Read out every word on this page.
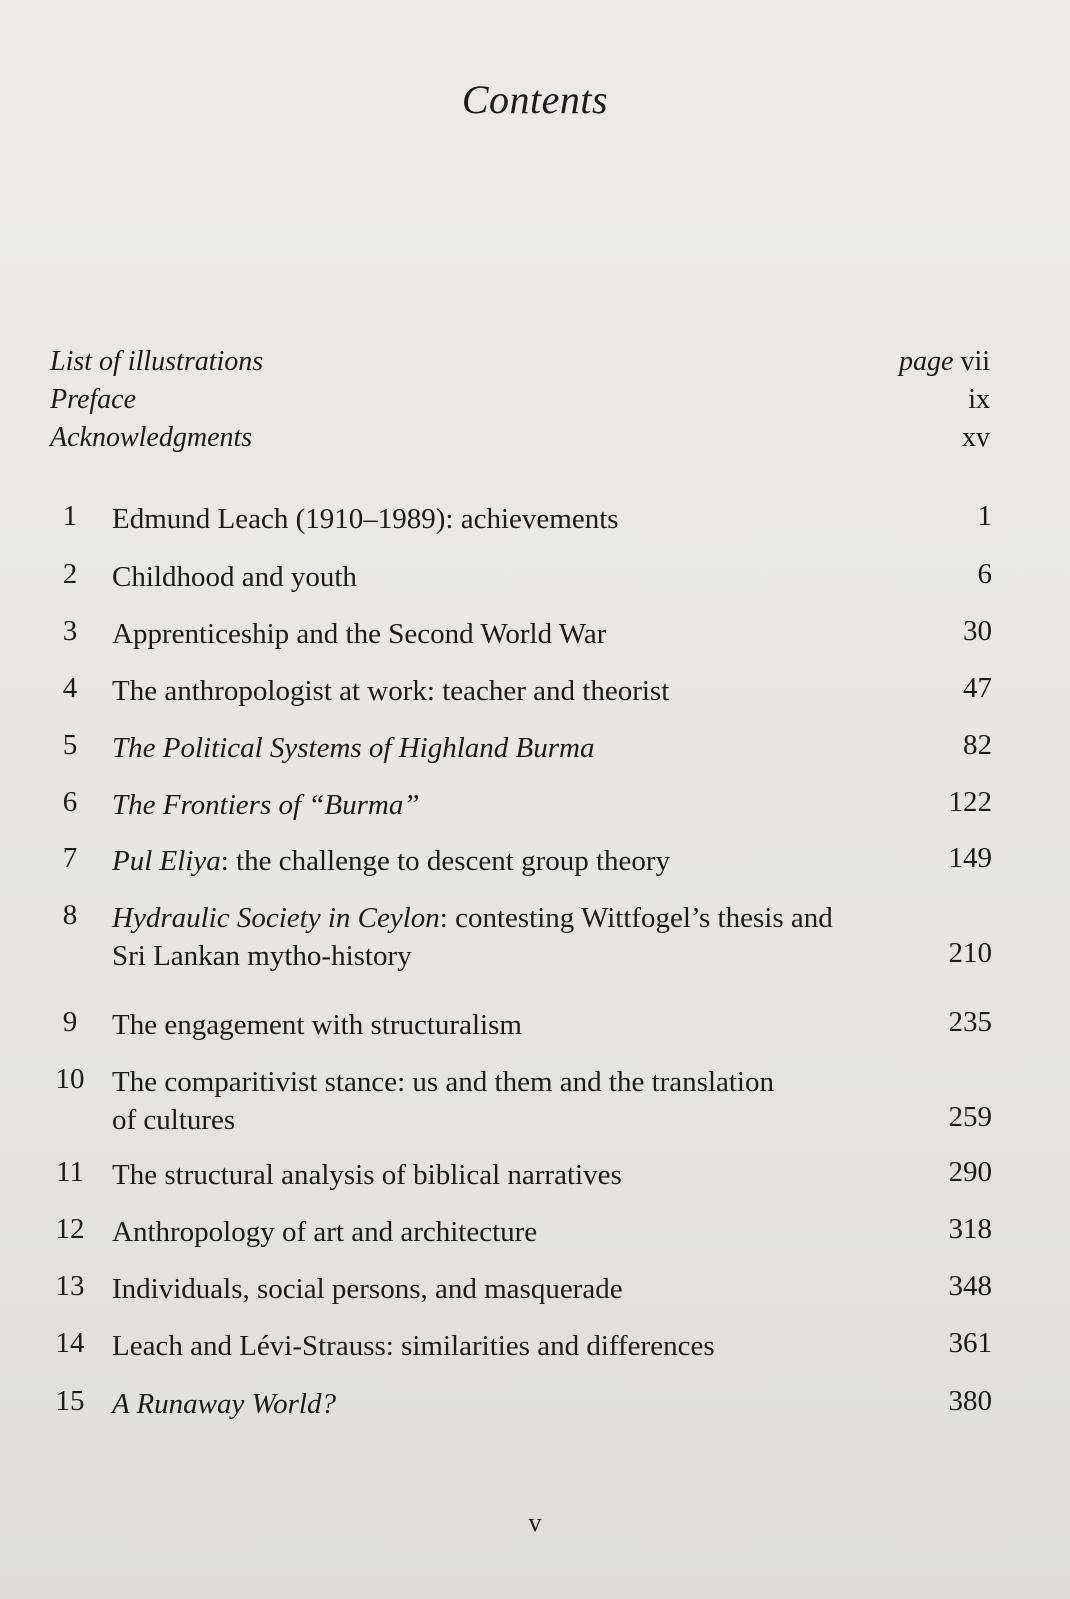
Contents
List of illustrations	page vii
Preface	ix
Acknowledgments	xv
1	Edmund Leach (1910–1989): achievements	1
2	Childhood and youth	6
3	Apprenticeship and the Second World War	30
4	The anthropologist at work: teacher and theorist	47
5	The Political Systems of Highland Burma	82
6	The Frontiers of “Burma”	122
7	Pul Eliya: the challenge to descent group theory	149
8	Hydraulic Society in Ceylon: contesting Wittfogel’s thesis and
Sri Lankan mytho-history	210
9	The engagement with structuralism	235
10 The comparitivist stance: us and them and the translation
of cultures	259
11 The structural analysis of biblical narratives	290
12 Anthropology of art and architecture	318
13 Individuals, social persons, and masquerade	348
14 Leach and Lévi-Strauss: similarities and differences	361
15 A Runaway World?	380
v
